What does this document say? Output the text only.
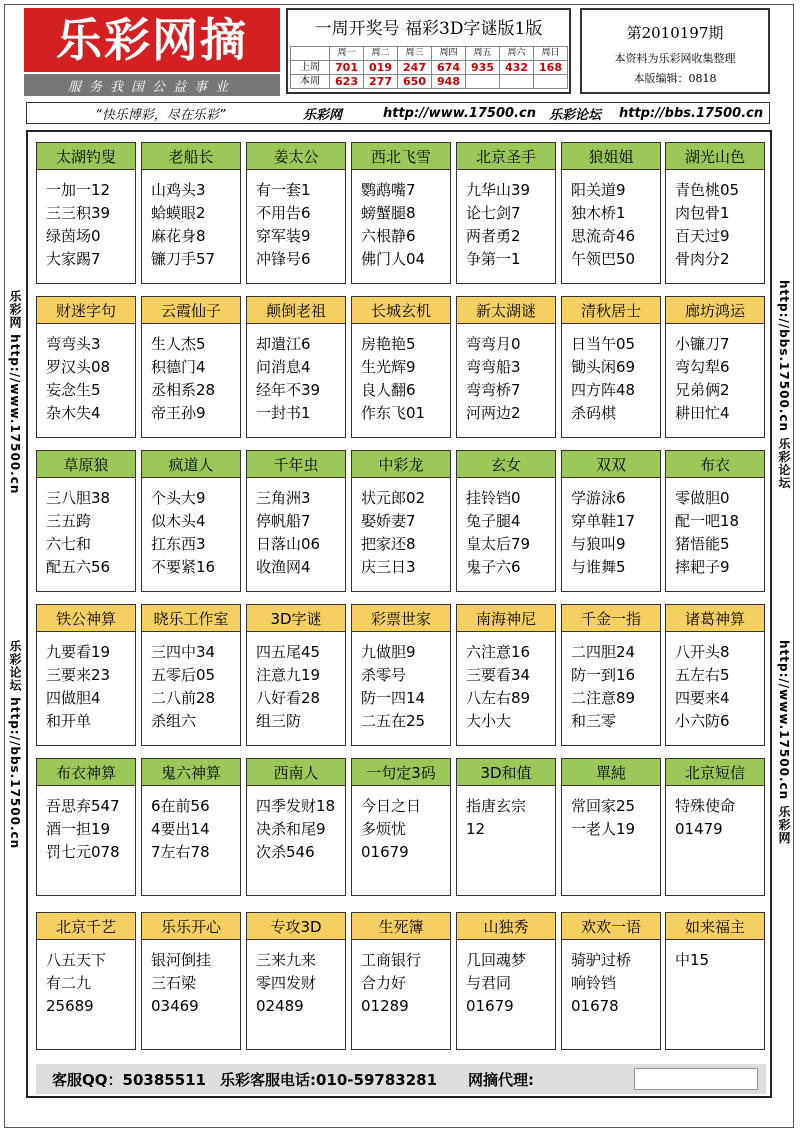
乐彩网摘
服务我国公益事业
一周开奖号 福彩3D字谜版1版
	周一	周二	周三	周四	周五	周六	周日
上周	701	019	247	674	935	432	168
本周	623	277	650	948			
第2010197期
本资料为乐彩网收集整理
本版编辑：0818
“快乐博彩，尽在乐彩”	乐彩网	http://www.17500.cn 乐彩论坛 http://bbs.17500.cn
乐彩网 http://www.17500.cn
乐彩论坛 http://bbs.17500.cn
http://bbs.17500.cn 乐彩论坛
http://www.17500.cn 乐彩网
太湖钓叟
一加一12
三三积39
绿茵场0
大家踢7
老船长
山鸡头3
蛤蟆眼2
麻花身8
镰刀手57
姜太公
有一套1
不用告6
穿军装9
冲锋号6
西北飞雪
鹦鹉嘴7
螃蟹腿8
六根静6
佛门人04
北京圣手
九华山39
论七剑7
两者勇2
争第一1
狼姐姐
阳关道9
独木桥1
思流奇46
午领巴50
湖光山色
青色桃05
肉包骨1
百天过9
骨肉分2
财迷字句
弯弯头3
罗汉头08
妄念生5
杂木失4
云霞仙子
生人杰5
积德门4
丞相系28
帝王孙9
颠倒老祖
却遣江6
问消息4
经年不39
一封书1
长城玄机
房艳艳5
生光辉9
良人翻6
作东飞01
新太湖谜
弯弯月0
弯弯船3
弯弯桥7
河两边2
清秋居士
日当午05
锄头闲69
四方阵48
杀码棋
廊坊鸿运
小镰刀7
弯勾犁6
兄弟俩2
耕田忙4
草原狼
三八胆38
三五跨
六七和
配五六56
疯道人
个头大9
似木头4
扛东西3
不要紧16
千年虫
三角洲3
停帆船7
日落山06
收渔网4
中彩龙
状元郎02
娶娇妻7
把家还8
庆三日3
玄女
挂铃铛0
兔子腿4
皇太后79
鬼子六6
双双
学游泳6
穿单鞋17
与狼叫9
与谁舞5
布衣
零做胆0
配一吧18
猪悟能5
摔耙子9
铁公神算
九要看19
三要来23
四做胆4
和开单
晓乐工作室
三四中34
五零后05
二八前28
杀组六
3D字谜
四五尾45
注意九19
八好看28
组三防
彩票世家
九做胆9
杀零号
防一四14
二五在25
南海神尼
六注意16
三要看34
八左右89
大小大
千金一指
二四胆24
防一到16
二注意89
和三零
诸葛神算
八开头8
五左右5
四要来4
小六防6
布衣神算
吾思弃547
酒一担19
罚七元078
鬼六神算
6在前56
4要出14
7左右78
西南人
四季发财18
决杀和尾9
次杀546
一句定3码
今日之日
多烦忧
01679
3D和值
指唐玄宗
12
單純
常回家25
一老人19
北京短信
特殊使命
01479
北京千艺
八五天下
有二九
25689
乐乐开心
银河倒挂
三石梁
03469
专攻3D
三来九来
零四发财
02489
生死簿
工商银行
合力好
01289
山独秀
几回魂梦
与君同
01679
欢欢一语
骑驴过桥
响铃铛
01678
如来福主
中15
客服QQ：50385511 乐彩客服电话:010-59783281 网摘代理:
